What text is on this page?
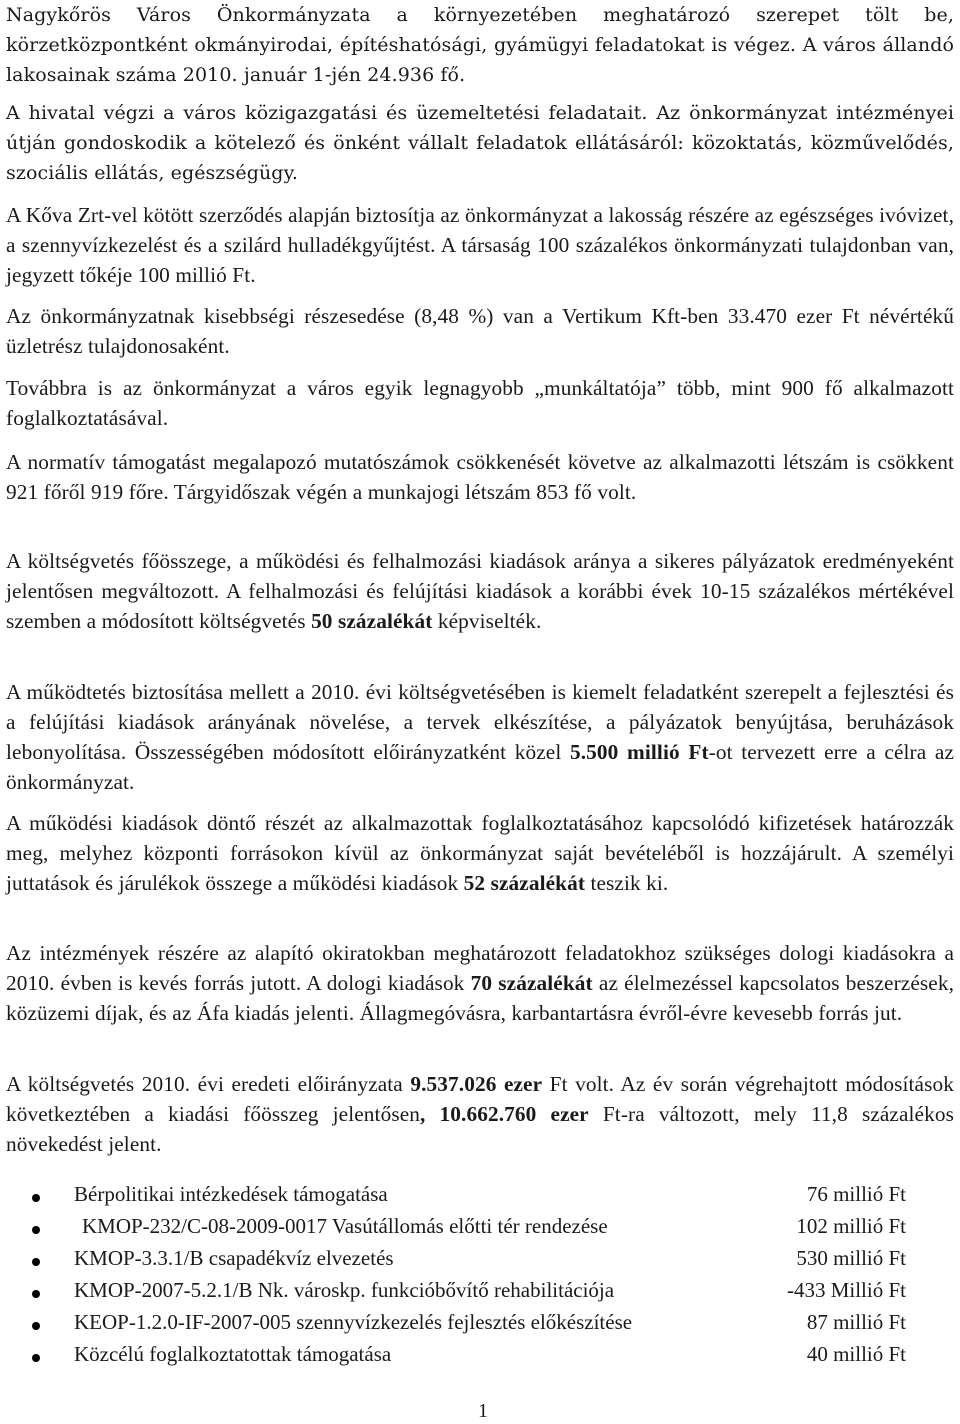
Nagykőrös Város Önkormányzata a környezetében meghatározó szerepet tölt be, körzetközpontként okmányirodai, építéshatósági, gyámügyi feladatokat is végez. A város állandó lakosainak száma 2010. január 1-jén 24.936 fő.

A hivatal végzi a város közigazgatási és üzemeltetési feladatait. Az önkormányzat intézményei útján gondoskodik a kötelező és önként vállalt feladatok ellátásáról: közoktatás, közművelődés, szociális ellátás, egészségügy.

A Kőva Zrt-vel kötött szerződés alapján biztosítja az önkormányzat a lakosság részére az egészséges ivóvizet, a szennyvízkezelést és a szilárd hulladékgyűjtést. A társaság 100 százalékos önkormányzati tulajdonban van, jegyzett tőkéje 100 millió Ft.

Az önkormányzatnak kisebbségi részesedése (8,48 %) van a Vertikum Kft-ben 33.470 ezer Ft névértékű üzletrész tulajdonosaként.

Továbbra is az önkormányzat a város egyik legnagyobb „munkáltatója” több, mint 900 fő alkalmazott foglalkoztatásával.

A normatív támogatást megalapozó mutatószámok csökkenését követve az alkalmazotti létszám is csökkent 921 főről 919 főre. Tárgyidőszak végén a munkajogi létszám 853 fő volt.

A költségvetés főösszege, a működési és felhalmozási kiadások aránya a sikeres pályázatok eredményeként jelentősen megváltozott. A felhalmozási és felújítási kiadások a korábbi évek 10-15 százalékos mértékével szemben a módosított költségvetés 50 százalékát képviselték.

A működtetés biztosítása mellett a 2010. évi költségvetésében is kiemelt feladatként szerepelt a fejlesztési és a felújítási kiadások arányának növelése, a tervek elkészítése, a pályázatok benyújtása, beruházások lebonyolítása. Összességében módosított előirányzatként közel 5.500 millió Ft-ot tervezett erre a célra az önkormányzat.

A működési kiadások döntő részét az alkalmazottak foglalkoztatásához kapcsolódó kifizetések határozzák meg, melyhez központi forrásokon kívül az önkormányzat saját bevételéből is hozzájárult. A személyi juttatások és járulékok összege a működési kiadások 52 százalékát teszik ki.

Az intézmények részére az alapító okiratokban meghatározott feladatokhoz szükséges dologi kiadásokra a 2010. évben is kevés forrás jutott. A dologi kiadások 70 százalékát az élelmezéssel kapcsolatos beszerzések, közüzemi díjak, és az Áfa kiadás jelenti. Állagmegóvásra, karbantartásra évről-évre kevesebb forrás jut.

A költségvetés 2010. évi eredeti előirányzata 9.537.026 ezer Ft volt. Az év során végrehajtott módosítások következtében a kiadási főösszeg jelentősen, 10.662.760 ezer Ft-ra változott, mely 11,8 százalékos növekedést jelent.

Bérpolitikai intézkedések támogatása	76 millió Ft
KMOP-232/C-08-2009-0017 Vasútállomás előtti tér rendezése	102 millió Ft
KMOP-3.3.1/B csapadékvíz elvezetés	530 millió Ft
KMOP-2007-5.2.1/B Nk. városkp. funkcióbővítő rehabilitációja	-433 Millió Ft
KEOP-1.2.0-IF-2007-005 szennyvízkezelés fejlesztés előkészítése	87 millió Ft
Közcélú foglalkoztatottak támogatása	40 millió Ft
1
